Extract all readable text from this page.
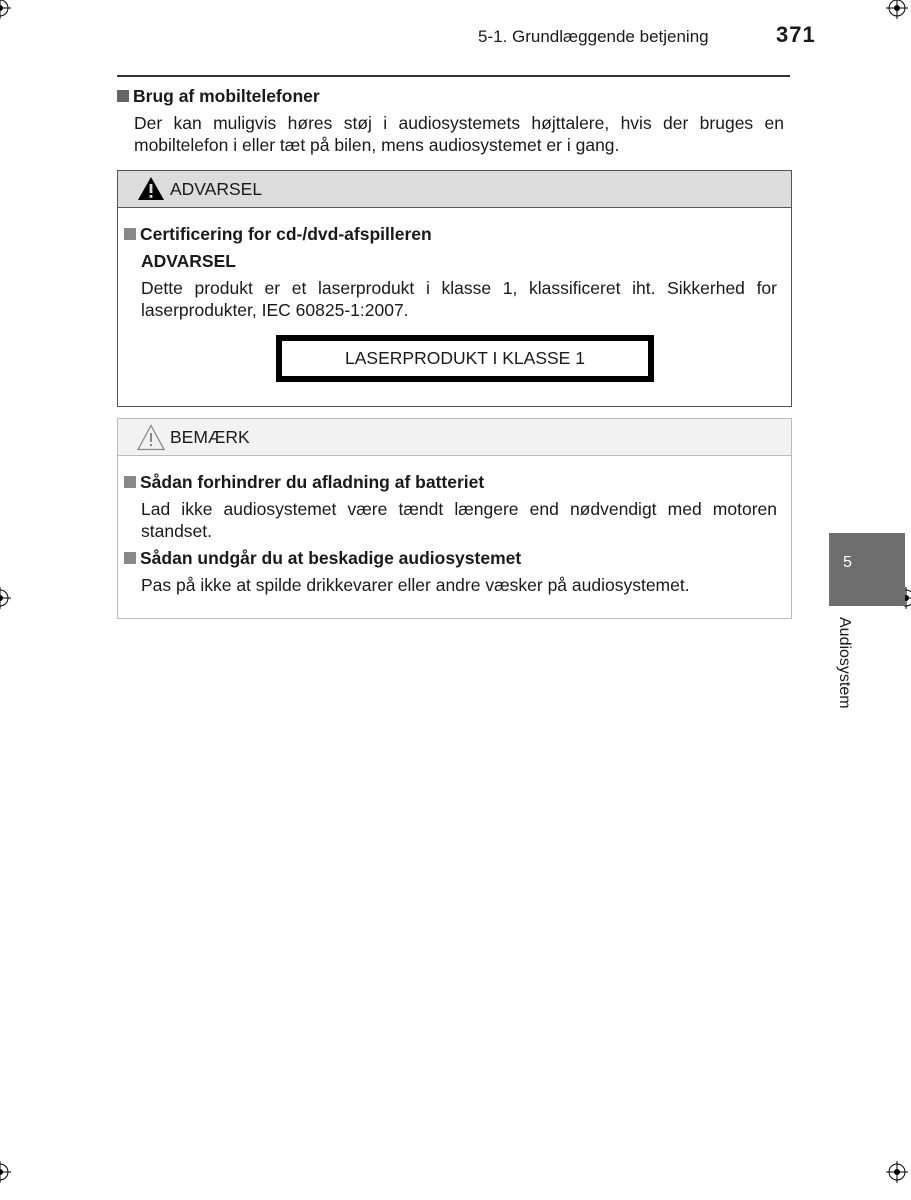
5-1. Grundlæggende betjening	371
Brug af mobiltelefoner
Der kan muligvis høres støj i audiosystemets højttalere, hvis der bruges en mobiltelefon i eller tæt på bilen, mens audiosystemet er i gang.
ADVARSEL
Certificering for cd-/dvd-afspilleren
ADVARSEL
Dette produkt er et laserprodukt i klasse 1, klassificeret iht. Sikkerhed for laserprodukter, IEC 60825-1:2007.
LASERPRODUKT I KLASSE 1
BEMÆRK
Sådan forhindrer du afladning af batteriet
Lad ikke audiosystemet være tændt længere end nødvendigt med motoren standset.
Sådan undgår du at beskadige audiosystemet
Pas på ikke at spilde drikkevarer eller andre væsker på audiosystemet.
5
Audiosystem
